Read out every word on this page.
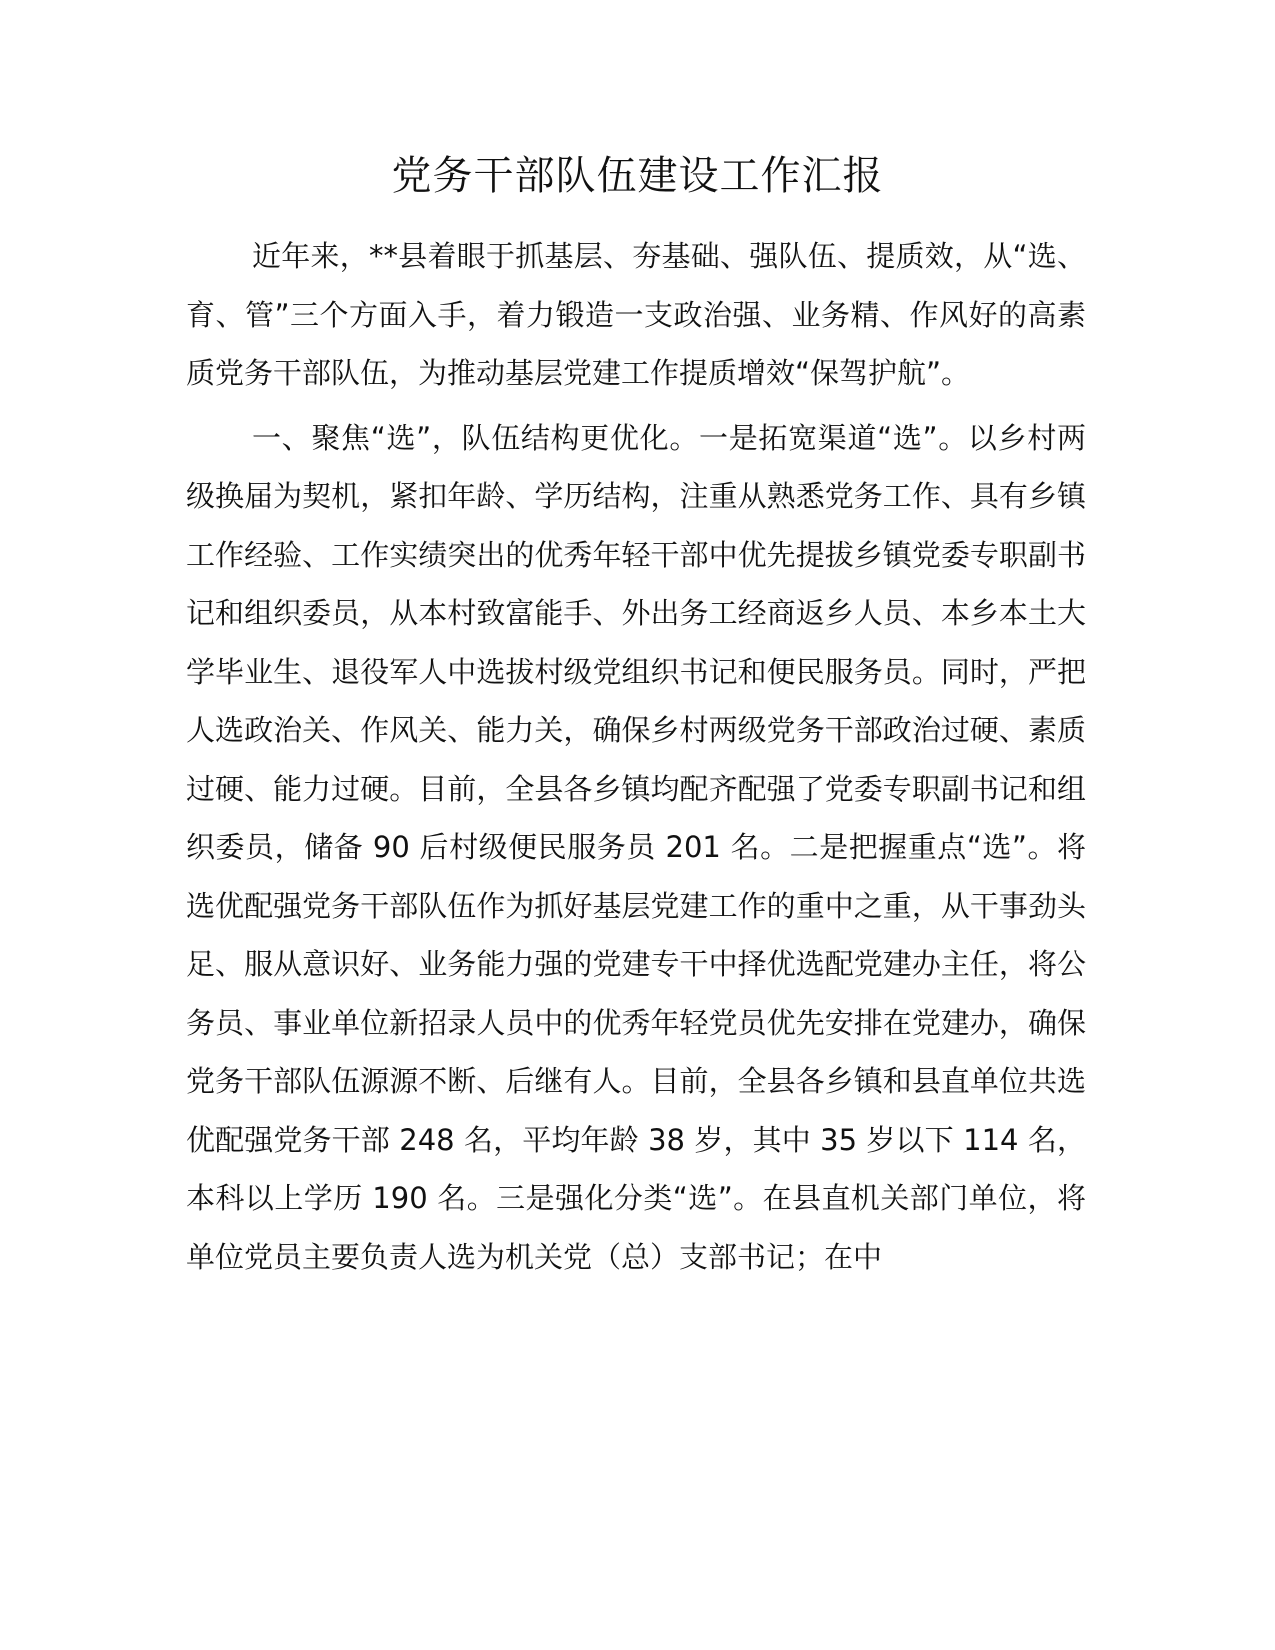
党务干部队伍建设工作汇报

近年来，**县着眼于抓基层、夯基础、强队伍、提质效，从“选、育、管”三个方面入手，着力锻造一支政治强、业务精、作风好的高素质党务干部队伍，为推动基层党建工作提质增效“保驾护航”。

一、聚焦“选”，队伍结构更优化。一是拓宽渠道“选”。以乡村两级换届为契机，紧扣年龄、学历结构，注重从熟悉党务工作、具有乡镇工作经验、工作实绩突出的优秀年轻干部中优先提拔乡镇党委专职副书记和组织委员，从本村致富能手、外出务工经商返乡人员、本乡本土大学毕业生、退役军人中选拔村级党组织书记和便民服务员。同时，严把人选政治关、作风关、能力关，确保乡村两级党务干部政治过硬、素质过硬、能力过硬。目前，全县各乡镇均配齐配强了党委专职副书记和组织委员，储备 90 后村级便民服务员 201 名。二是把握重点“选”。将选优配强党务干部队伍作为抓好基层党建工作的重中之重，从干事劲头足、服从意识好、业务能力强的党建专干中择优选配党建办主任，将公务员、事业单位新招录人员中的优秀年轻党员优先安排在党建办，确保党务干部队伍源源不断、后继有人。目前，全县各乡镇和县直单位共选优配强党务干部 248 名，平均年龄 38 岁，其中 35 岁以下 114 名，本科以上学历 190 名。三是强化分类“选”。在县直机关部门单位，将单位党员主要负责人选为机关党（总）支部书记；在中
